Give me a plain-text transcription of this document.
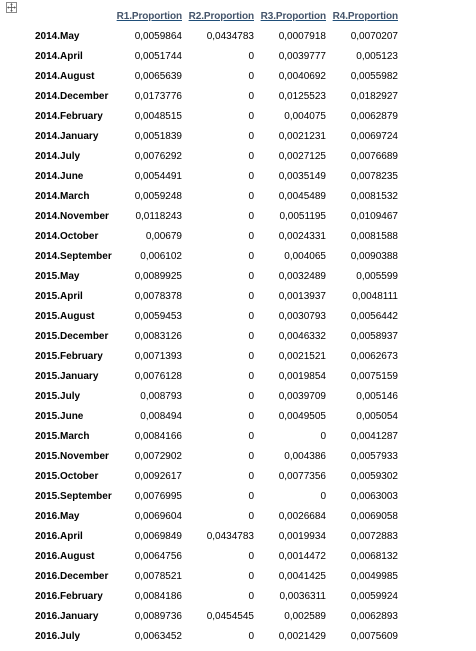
R1.Proportion R2.Proportion R3.Proportion R4.Proportion
2014.May	0,0059864 0,0434783 0,0007918 0,0070207
2014.April	0,0051744	0 0,0039777	0,005123
2014.August	0,0065639	0 0,0040692 0,0055982
2014.December	0,0173776	0 0,0125523 0,0182927
2014.February	0,0048515	0	0,004075 0,0062879
2014.January	0,0051839	0 0,0021231 0,0069724
2014.July	0,0076292	0 0,0027125 0,0076689
2014.June	0,0054491	0 0,0035149 0,0078235
2014.March	0,0059248	0 0,0045489 0,0081532
2014.November	0,0118243	0	0,0051195 0,0109467
2014.October	0,00679	0 0,0024331 0,0081588
2014.September	0,006102	0	0,004065 0,0090388
2015.May	0,0089925	0 0,0032489	0,005599
2015.April	0,0078378	0 0,0013937	0,0048111
2015.August	0,0059453	0 0,0030793 0,0056442
2015.December	0,0083126	0 0,0046332 0,0058937
2015.February	0,0071393	0 0,0021521 0,0062673
2015.January	0,0076128	0 0,0019854 0,0075159
2015.July	0,008793	0 0,0039709	0,005146
2015.June	0,008494	0 0,0049505	0,005054
2015.March	0,0084166	0	0 0,0041287
2015.November	0,0072902	0	0,004386 0,0057933
2015.October	0,0092617	0 0,0077356 0,0059302
2015.September 0,0076995	0	0 0,0063003
2016.May	0,0069604	0 0,0026684 0,0069058
2016.April	0,0069849 0,0434783 0,0019934 0,0072883
2016.August	0,0064756	0 0,0014472 0,0068132
2016.December	0,0078521	0 0,0041425 0,0049985
2016.February	0,0084186	0	0,0036311 0,0059924
2016.January	0,0089736 0,0454545	0,002589 0,0062893
2016.July	0,0063452	0 0,0021429 0,0075609
